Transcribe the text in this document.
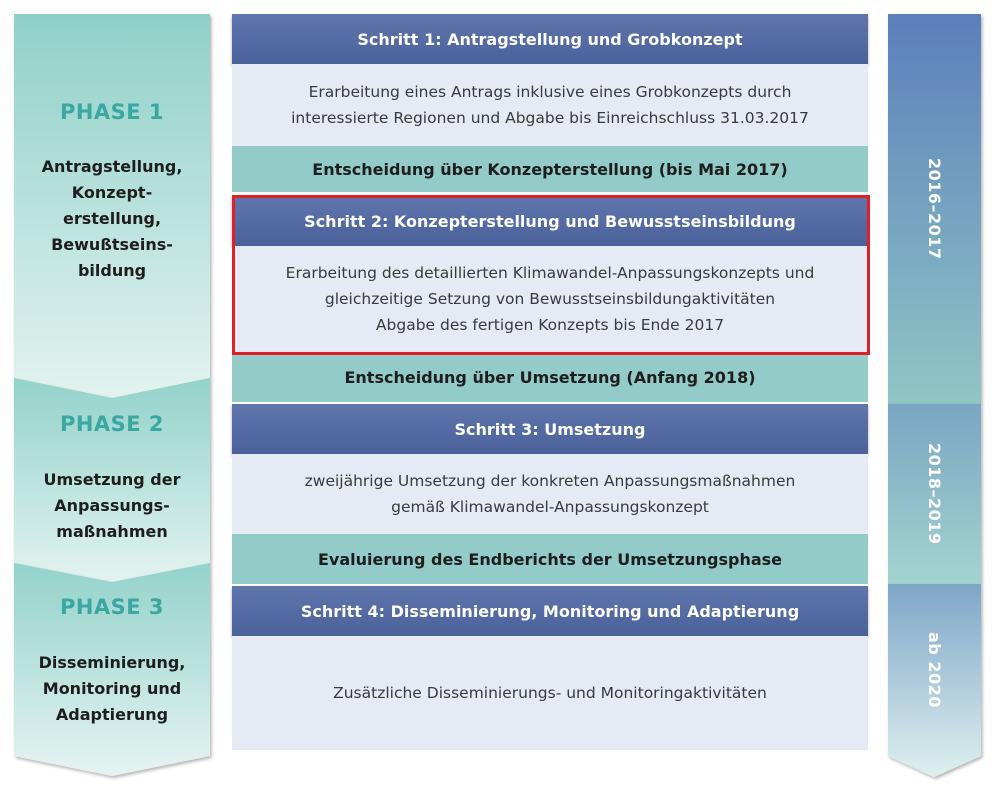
PHASE 1
Antragstellung,
Konzept-
erstellung,
Bewußtseins-
bildung
PHASE 2
Umsetzung der
Anpassungs-
maßnahmen
PHASE 3
Disseminierung,
Monitoring und
Adaptierung
Schritt 1: Antragstellung und Grobkonzept
Erarbeitung eines Antrags inklusive eines Grobkonzepts durch
interessierte Regionen und Abgabe bis Einreichschluss 31.03.2017
Entscheidung über Konzepterstellung (bis Mai 2017)
Schritt 2: Konzepterstellung und Bewusstseinsbildung
Erarbeitung des detaillierten Klimawandel-Anpassungskonzepts und
gleichzeitige Setzung von Bewusstseinsbildungaktivitäten
Abgabe des fertigen Konzepts bis Ende 2017
Entscheidung über Umsetzung (Anfang 2018)
Schritt 3: Umsetzung
zweijährige Umsetzung der konkreten Anpassungsmaßnahmen
gemäß Klimawandel-Anpassungskonzept
Evaluierung des Endberichts der Umsetzungsphase
Schritt 4: Disseminierung, Monitoring und Adaptierung
Zusätzliche Disseminierungs- und Monitoringaktivitäten
2016–2017
2018–2019
ab 2020
